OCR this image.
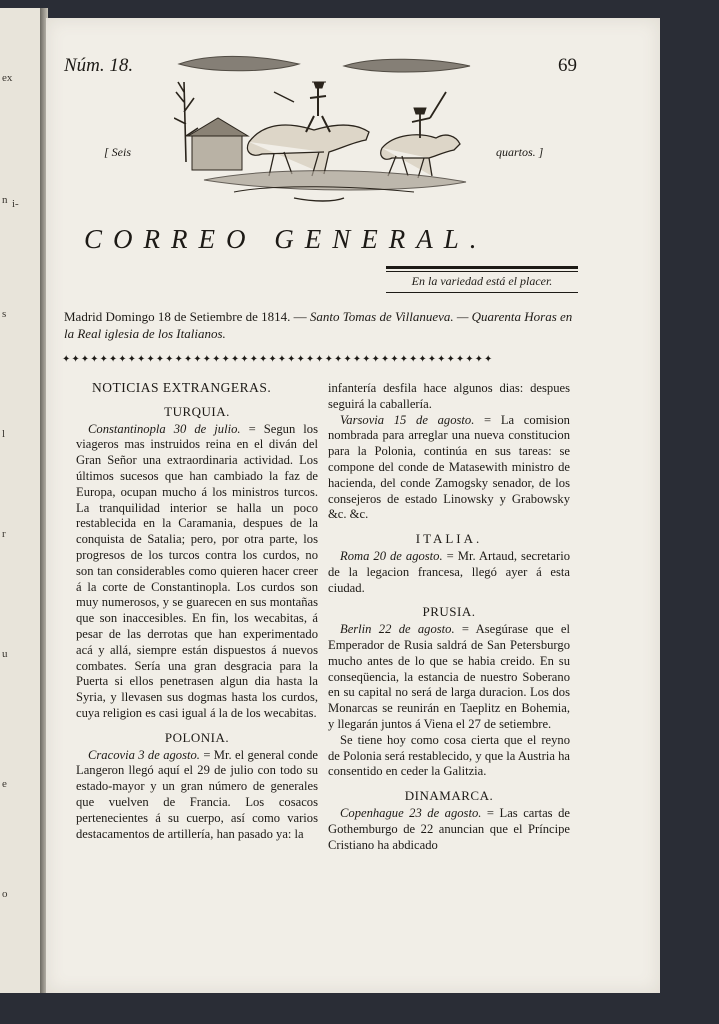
ex
n i-
s
l
r
u
e
o
Núm. 18.	69
[ Seis	quartos. ]
CORREO GENERAL.
En la variedad está el placer.
Madrid Domingo 18 de Setiembre de 1814. — Santo Tomas de Villanueva. — Quarenta Horas en la Real iglesia de los Italianos.
✦✦✦✦✦✦✦✦✦✦✦✦✦✦✦✦✦✦✦✦✦✦✦✦✦✦✦✦✦✦✦✦✦✦✦✦✦✦✦✦✦✦✦✦✦✦
NOTICIAS EXTRANGERAS.
TURQUIA.

Constantinopla 30 de julio. = Segun los viageros mas instruidos reina en el diván del Gran Señor una extraordinaria actividad. Los últimos sucesos que han cambiado la faz de Europa, ocupan mucho á los ministros turcos. La tranquilidad interior se halla un poco restablecida en la Caramania, despues de la conquista de Satalia; pero, por otra parte, los progresos de los turcos contra los curdos, no son tan considerables como quieren hacer creer á la corte de Constantinopla. Los curdos son muy numerosos, y se guarecen en sus montañas que son inaccesibles. En fin, los wecabitas, á pesar de las derrotas que han experimentado acá y allá, siempre están dispuestos á nuevos combates. Sería una gran desgracia para la Puerta si ellos penetrasen algun dia hasta la Syria, y llevasen sus dogmas hasta los curdos, cuya religion es casi igual á la de los wecabitas.

POLONIA.

Cracovia 3 de agosto. = Mr. el general conde Langeron llegó aquí el 29 de julio con todo su estado-mayor y un gran número de generales que vuelven de Francia. Los cosacos pertenecientes á su cuerpo, así como varios destacamentos de artillería, han pasado ya: la

infantería desfila hace algunos dias: despues seguirá la caballería.

Varsovia 15 de agosto. = La comision nombrada para arreglar una nueva constitucion para la Polonia, continúa en sus tareas: se compone del conde de Matasewith ministro de hacienda, del conde Zamogsky senador, de los consejeros de estado Linowsky y Grabowsky &c. &c.

ITALIA.

Roma 20 de agosto. = Mr. Artaud, secretario de la legacion francesa, llegó ayer á esta ciudad.

PRUSIA.

Berlin 22 de agosto. = Asegúrase que el Emperador de Rusia saldrá de San Petersburgo mucho antes de lo que se habia creido. En su conseqüencia, la estancia de nuestro Soberano en su capital no será de larga duracion. Los dos Monarcas se reunirán en Taeplitz en Bohemia, y llegarán juntos á Viena el 27 de setiembre.

Se tiene hoy como cosa cierta que el reyno de Polonia será restablecido, y que la Austria ha consentido en ceder la Galitzia.

DINAMARCA.

Copenhague 23 de agosto. = Las cartas de Gothemburgo de 22 anuncian que el Príncipe Cristiano ha abdicado
